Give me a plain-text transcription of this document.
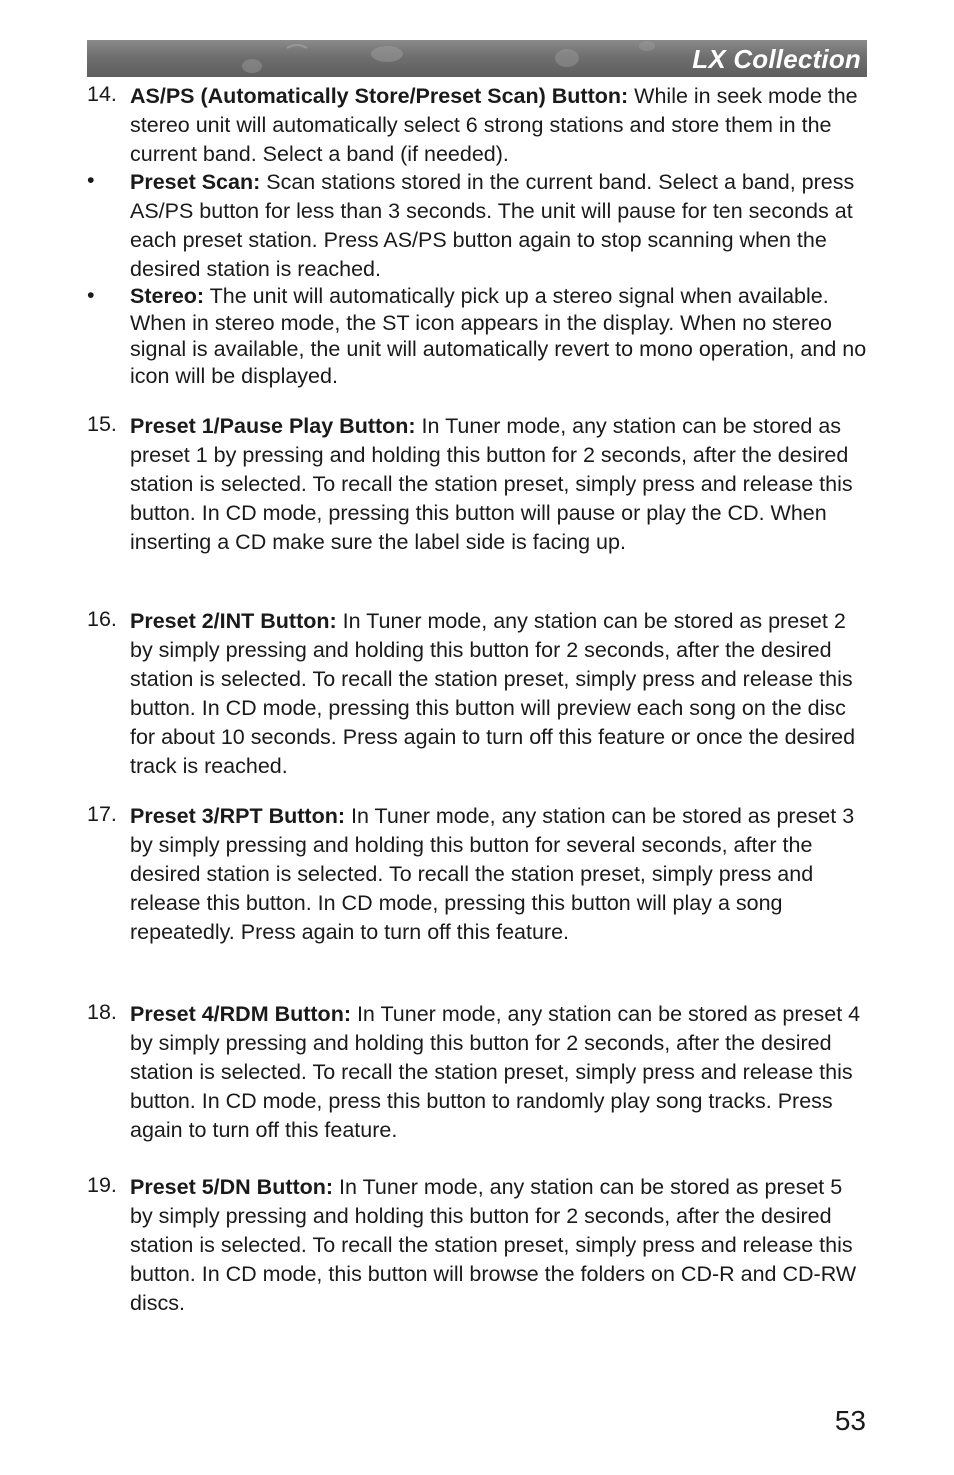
LX Collection
14. AS/PS (Automatically Store/Preset Scan) Button: While in seek mode the stereo unit will automatically select 6 strong stations and store them in the current band. Select a band (if needed).
• Preset Scan: Scan stations stored in the current band. Select a band, press AS/PS button for less than 3 seconds. The unit will pause for ten seconds at each preset station. Press AS/PS button again to stop scanning when the desired station is reached.
• Stereo: The unit will automatically pick up a stereo signal when available. When in stereo mode, the ST icon appears in the display. When no stereo signal is available, the unit will automatically revert to mono operation, and no icon will be displayed.
15. Preset 1/Pause Play Button: In Tuner mode, any station can be stored as preset 1 by pressing and holding this button for 2 seconds, after the desired station is selected. To recall the station preset, simply press and release this button. In CD mode, pressing this button will pause or play the CD. When inserting a CD make sure the label side is facing up.
16. Preset 2/INT Button: In Tuner mode, any station can be stored as preset 2 by simply pressing and holding this button for 2 seconds, after the desired station is selected. To recall the station preset, simply press and release this button. In CD mode, pressing this button will preview each song on the disc for about 10 seconds. Press again to turn off this feature or once the desired track is reached.
17. Preset 3/RPT Button: In Tuner mode, any station can be stored as preset 3 by simply pressing and holding this button for several seconds, after the desired station is selected. To recall the station preset, simply press and release this button. In CD mode, pressing this button will play a song repeatedly. Press again to turn off this feature.
18. Preset 4/RDM Button: In Tuner mode, any station can be stored as preset 4 by simply pressing and holding this button for 2 seconds, after the desired station is selected. To recall the station preset, simply press and release this button. In CD mode, press this button to randomly play song tracks. Press again to turn off this feature.
19. Preset 5/DN Button: In Tuner mode, any station can be stored as preset 5 by simply pressing and holding this button for 2 seconds, after the desired station is selected. To recall the station preset, simply press and release this button. In CD mode, this button will browse the folders on CD-R and CD-RW discs.
53
